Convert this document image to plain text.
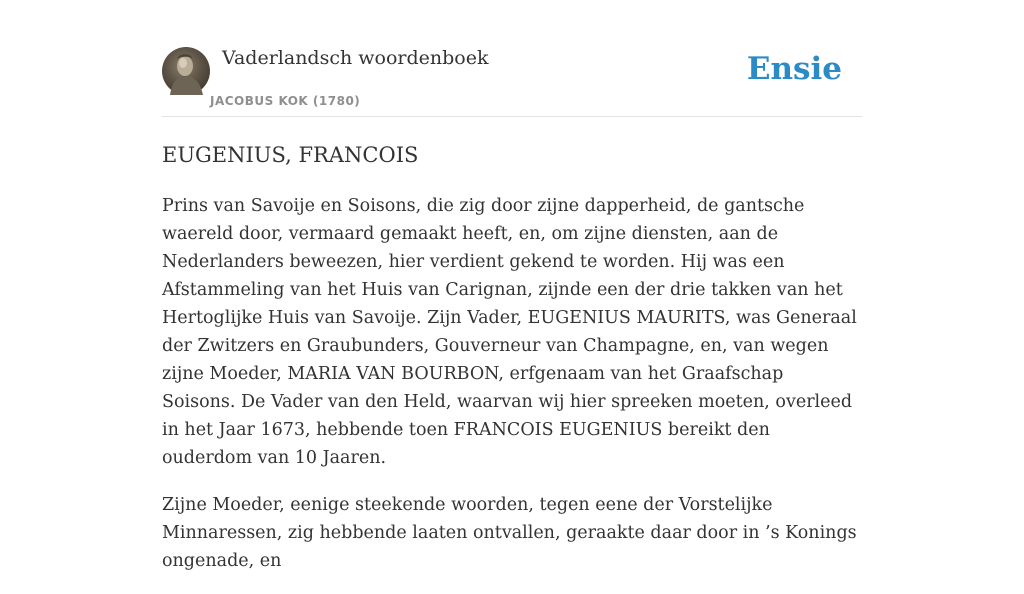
Vaderlandsch woordenboek
JACOBUS KOK (1780)
Ensie
EUGENIUS, FRANCOIS

Prins van Savoije en Soisons, die zig door zijne dapperheid, de gantsche waereld door, vermaard gemaakt heeft, en, om zijne diensten, aan de Nederlanders beweezen, hier verdient gekend te worden. Hij was een Afstammeling van het Huis van Carignan, zijnde een der drie takken van het Hertoglijke Huis van Savoije. Zijn Vader, EUGENIUS MAURITS, was Generaal der Zwitzers en Graubunders, Gouverneur van Champagne, en, van wegen zijne Moeder, MARIA VAN BOURBON, erfgenaam van het Graafschap Soisons. De Vader van den Held, waarvan wij hier spreeken moeten, overleed in het Jaar 1673, hebbende toen FRANCOIS EUGENIUS bereikt den ouderdom van 10 Jaaren.

Zijne Moeder, eenige steekende woorden, tegen eene der Vorstelijke Minnaressen, zig hebbende laaten ontvallen, geraakte daar door in ’s Konings ongenade, en
